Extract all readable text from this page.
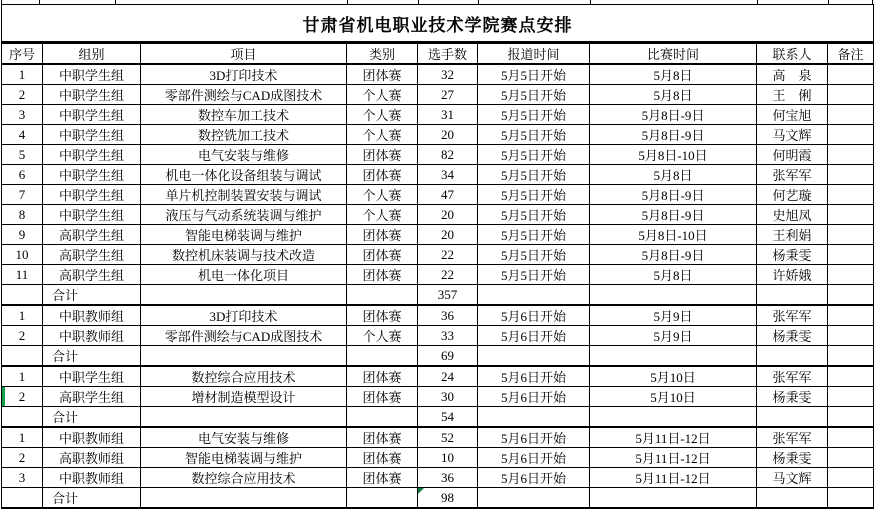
甘肃省机电职业技术学院赛点安排								
序号	组别	项目	类别	选手数	报道时间	比赛时间	联系人	备注
1	中职学生组	3D打印技术	团体赛	32	5月5日开始	5月8日	高　泉	
2	中职学生组	零部件测绘与CAD成图技术	个人赛	27	5月5日开始	5月8日	王　俐	
3	中职学生组	数控车加工技术	个人赛	31	5月5日开始	5月8日-9日	何宝旭	
4	中职学生组	数控铣加工技术	个人赛	20	5月5日开始	5月8日-9日	马文辉	
5	中职学生组	电气安装与维修	团体赛	82	5月5日开始	5月8日-10日	何明霞	
6	中职学生组	机电一体化设备组装与调试	团体赛	34	5月5日开始	5月8日	张军军	
7	中职学生组	单片机控制装置安装与调试	个人赛	47	5月5日开始	5月8日-9日	何艺璇	
8	中职学生组	液压与气动系统装调与维护	个人赛	20	5月5日开始	5月8日-9日	史旭凤	
9	高职学生组	智能电梯装调与维护	团体赛	20	5月5日开始	5月8日-10日	王利娟	
10	高职学生组	数控机床装调与技术改造	团体赛	22	5月5日开始	5月8日-9日	杨秉雯	
11	高职学生组	机电一体化项目	团体赛	22	5月5日开始	5月8日	许娇娥	
	合计			357				
1	中职教师组	3D打印技术	团体赛	36	5月6日开始	5月9日	张军军	
2	中职教师组	零部件测绘与CAD成图技术	个人赛	33	5月6日开始	5月9日	杨秉雯	
	合计			69				
1	中职学生组	数控综合应用技术	团体赛	24	5月6日开始	5月10日	张军军	
2	高职学生组	增材制造模型设计	团体赛	30	5月6日开始	5月10日	杨秉雯	
	合计			54				
1	中职教师组	电气安装与维修	团体赛	52	5月6日开始	5月11日-12日	张军军	
2	高职教师组	智能电梯装调与维护	团体赛	10	5月6日开始	5月11日-12日	杨秉雯	
3	中职教师组	数控综合应用技术	团体赛	36	5月6日开始	5月11日-12日	马文辉	
	合计			98				
